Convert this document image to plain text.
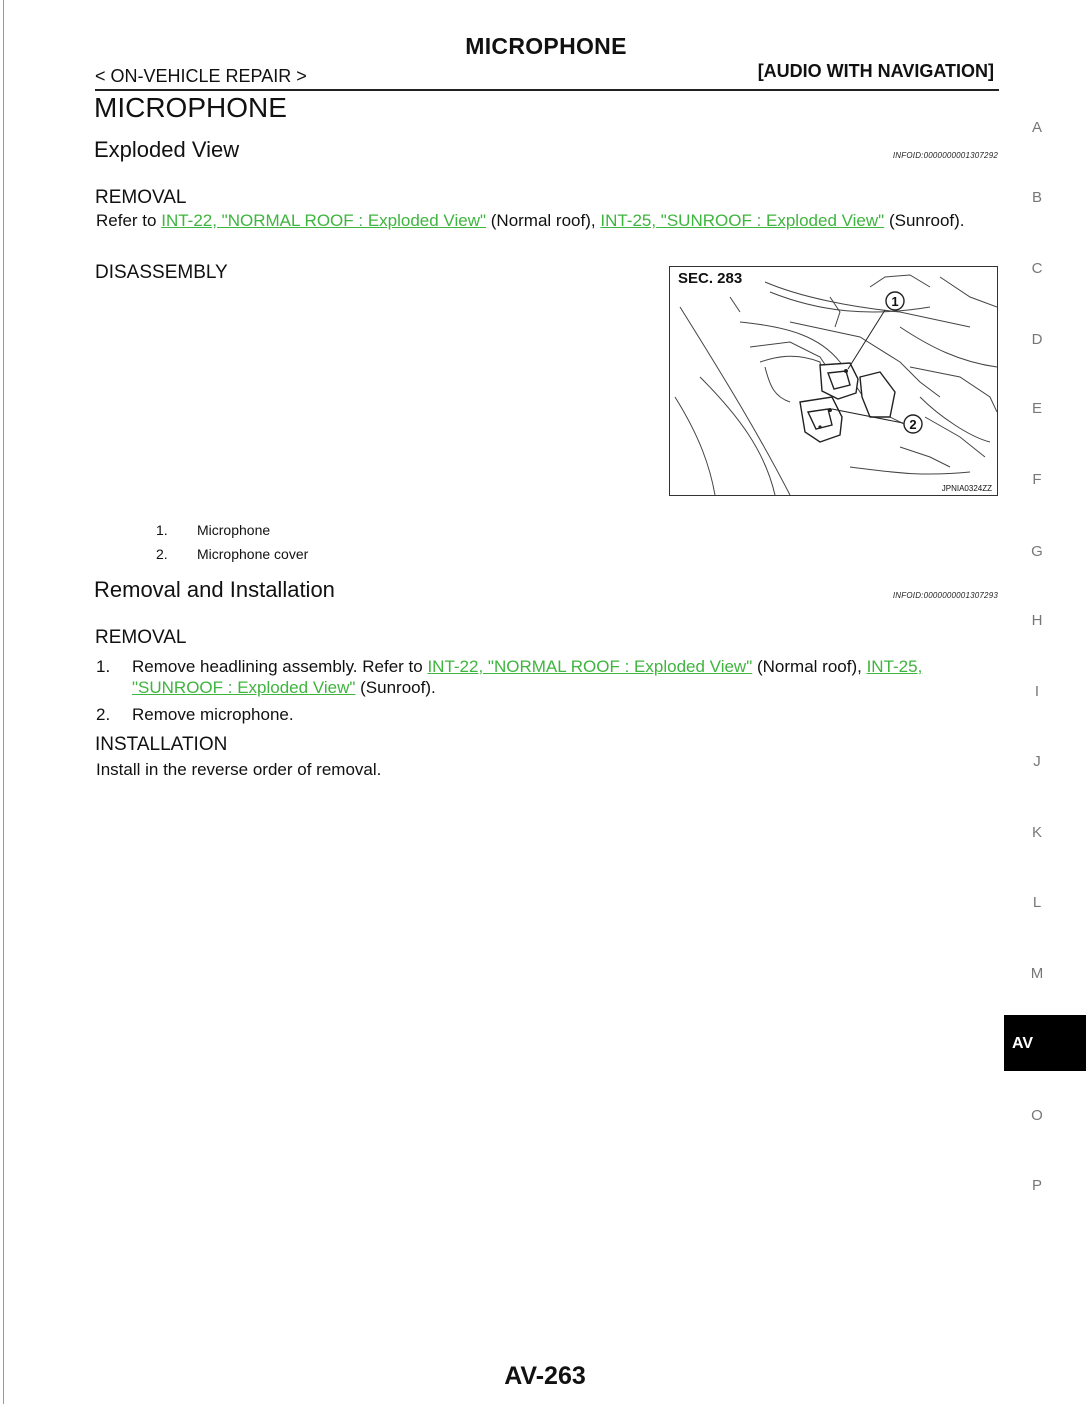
MICROPHONE
< ON-VEHICLE REPAIR >	[AUDIO WITH NAVIGATION]
MICROPHONE
Exploded View	INFOID:0000000001307292
REMOVAL
Refer to INT-22, "NORMAL ROOF : Exploded View" (Normal roof), INT-25, "SUNROOF : Exploded View" (Sunroof).
DISASSEMBLY
1
2
SEC. 283
JPNIA0324ZZ
1. Microphone
2. Microphone cover
Removal and Installation	INFOID:0000000001307293
REMOVAL
1. Remove headlining assembly. Refer to INT-22, "NORMAL ROOF : Exploded View" (Normal roof), INT-25,
"SUNROOF : Exploded View" (Sunroof).
2. Remove microphone.
INSTALLATION
Install in the reverse order of removal.
A
B
C
D
E
F
G
H
I
J
K
L
M
AV
O
P
AV-263
